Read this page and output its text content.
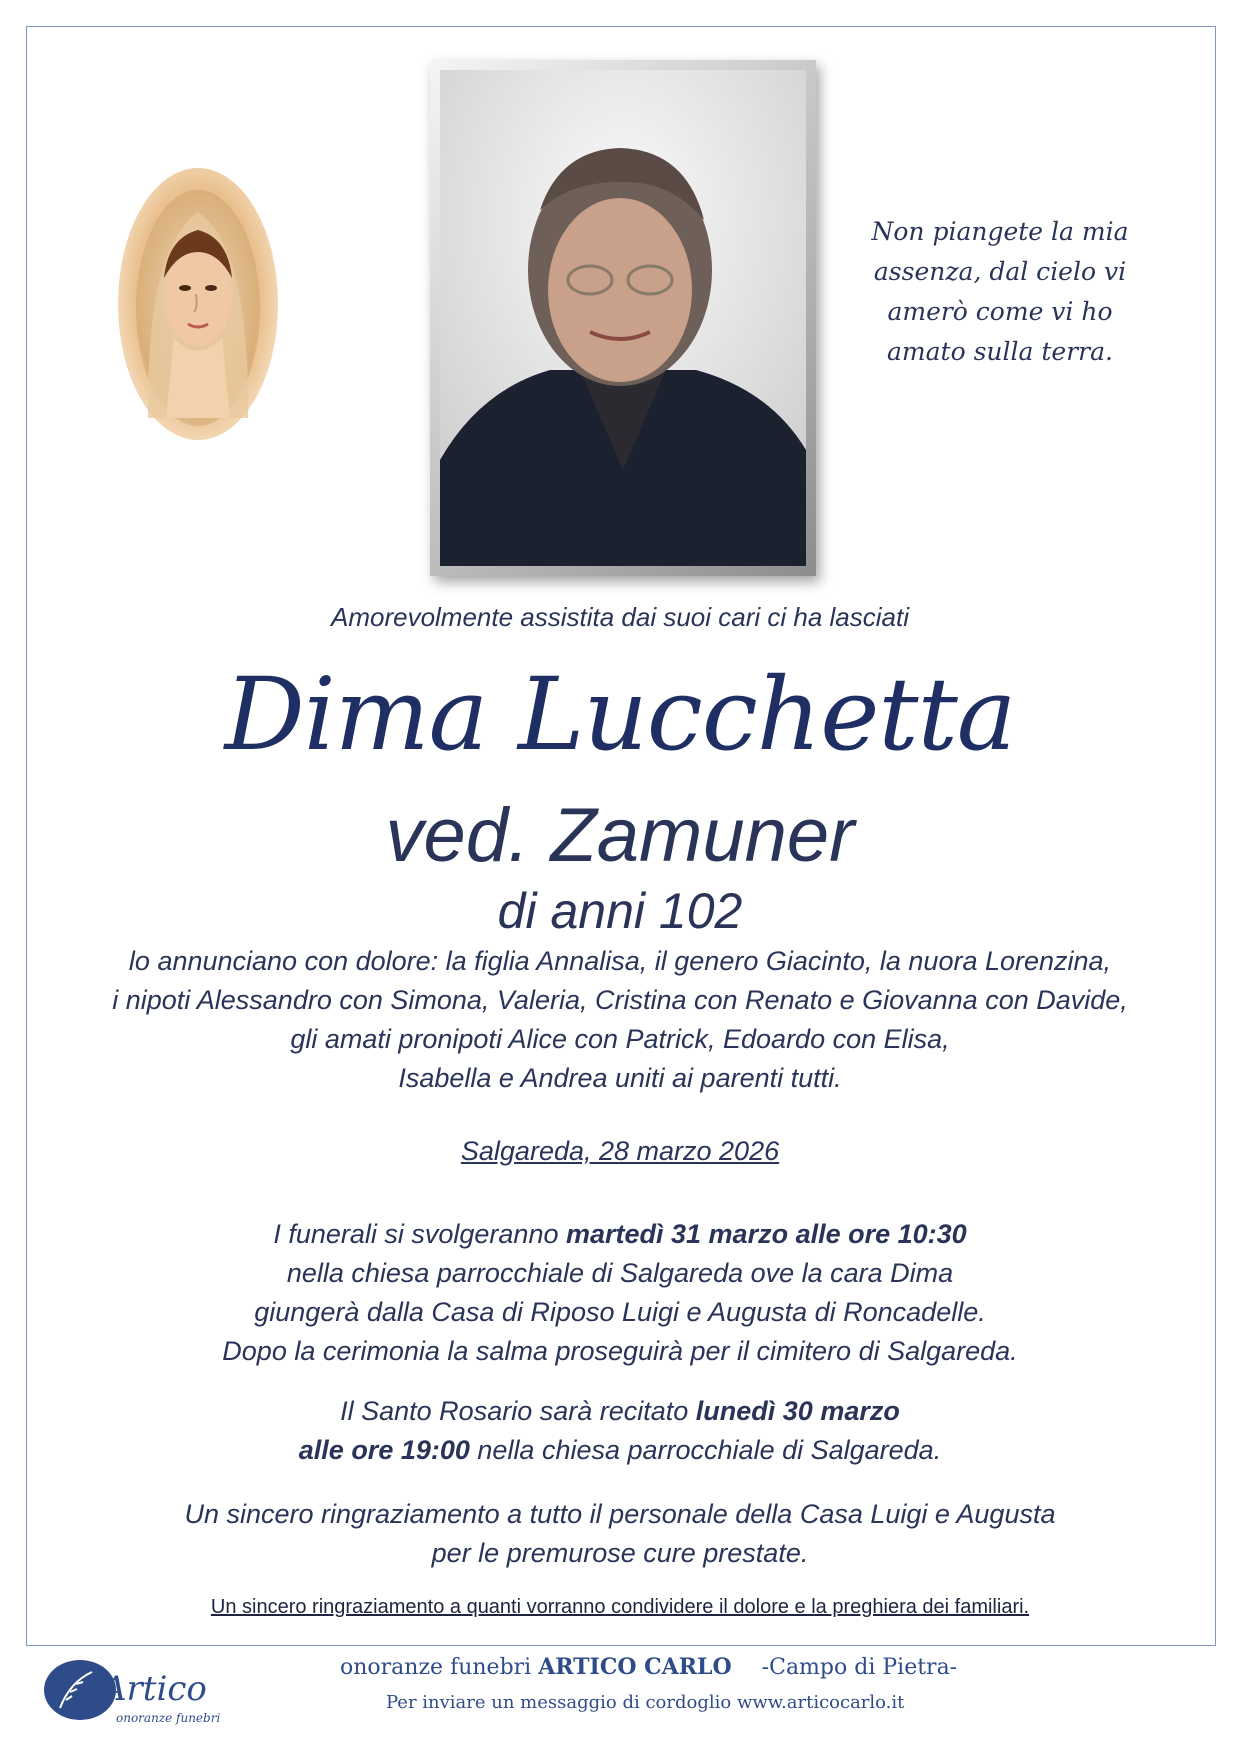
Non piangete la mia
assenza, dal cielo vi
amerò come vi ho
amato sulla terra.
Amorevolmente assistita dai suoi cari ci ha lasciati
Dima Lucchetta
ved. Zamuner
di anni 102
lo annunciano con dolore: la figlia Annalisa, il genero Giacinto, la nuora Lorenzina,
i nipoti Alessandro con Simona, Valeria, Cristina con Renato e Giovanna con Davide,
gli amati pronipoti Alice con Patrick, Edoardo con Elisa,
Isabella e Andrea uniti ai parenti tutti.
Salgareda, 28 marzo 2026
I funerali si svolgeranno martedì 31 marzo alle ore 10:30
nella chiesa parrocchiale di Salgareda ove la cara Dima
giungerà dalla Casa di Riposo Luigi e Augusta di Roncadelle.
Dopo la cerimonia la salma proseguirà per il cimitero di Salgareda.
Il Santo Rosario sarà recitato lunedì 30 marzo
alle ore 19:00 nella chiesa parrocchiale di Salgareda.
Un sincero ringraziamento a tutto il personale della Casa Luigi e Augusta
per le premurose cure prestate.
Un sincero ringraziamento a quanti vorranno condividere il dolore e la preghiera dei familiari.
Artico
onoranze funebri
onoranze funebri ARTICO CARLO -Campo di Pietra-
Per inviare un messaggio di cordoglio www.articocarlo.it
